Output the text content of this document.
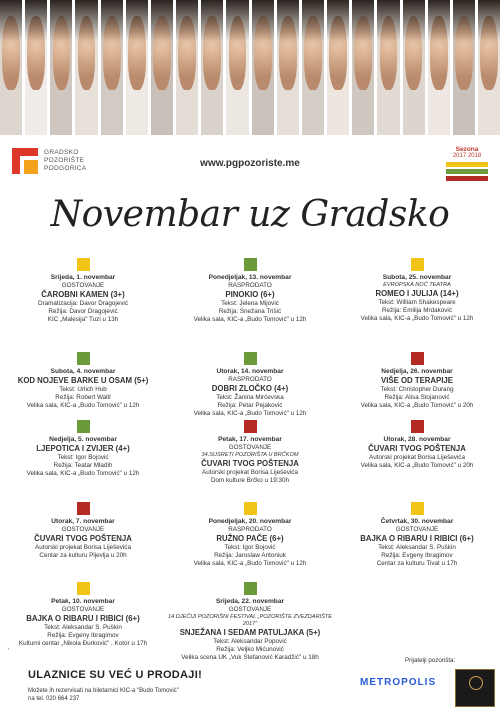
GRADSKO
POZORIŠTE
PODGORICA	www.pgpozoriste.me
Sezona
2017 2018
Novembar uz Gradsko
Srijeda, 1. novembar
GOSTOVANJE
ČAROBNI KAMEN (3+)
Dramatizacija: Davor Dragojević
Režija: Davor Dragojević
KIC „Malesija" Tuzi u 13h
Ponedjeljak, 13. novembar
RASPRODATO
PINOKIO (6+)
Tekst: Jelena Mijović
Režija: Snežana Trišić
Velika sala, KIC-a „Budo Tomović" u 12h
Subota, 25. novembar
EVROPSKA NOĆ TEATRA
ROMEO I JULIJA (14+)
Tekst: William Shakespeare
Režija: Emilija Mrdaković
Velika sala, KIC-a „Budo Tomović" u 12h
Subota, 4. novembar
KOD NOJEVE BARKE U OSAM (5+)
Tekst: Urlich Hub
Režija: Robert Waltl
Velika sala, KIC-a „Budo Tomović" u 12h
Utorak, 14. novembar
RASPRODATO
DOBRI ZLOČKO (4+)
Tekst: Žanina Mirčevska
Režija: Petar Pejaković
Velika sala, KIC-a „Budo Tomović" u 12h
Nedjelja, 26. novembar
VIŠE OD TERAPIJE
Tekst: Christopher Durang
Režija: Alisa Stojanović
Velika sala, KIC-a „Budo Tomović" u 20h
Nedjelja, 5. novembar
LJEPOTICA I ZVIJER (4+)
Tekst: Igor Bojović
Režija: Teatar Mladih
Velika sala, KIC-a „Budo Tomović" u 12h
Petak, 17. novembar
GOSTOVANJE
34.SUSRETI POZORIŠTA U BRČKOM
ČUVARI TVOG POŠTENJA
Autorski projekat Borisa Liješevića
Dom kulture Brčko u 19:30h
Utorak, 28. novembar
ČUVARI TVOG POŠTENJA
Autorski projekat Borisa Liješevića
Velika sala, KIC-a „Budo Tomović" u 20h
Utorak, 7. novembar
GOSTOVANJE
ČUVARI TVOG POŠTENJA
Autorski projekat Borisa Liješevića
Centar za kulturu Pljevlja u 20h
Ponedjeljak, 20. novembar
RASPRODATO
RUŽNO PAČE (6+)
Tekst: Igor Bojović
Režija: Jaroslaw Antoniuk
Velika sala, KIC-a „Budo Tomović" u 12h
Četvrtak, 30. novembar
GOSTOVANJE
BAJKA O RIBARU I RIBICI (6+)
Tekst: Aleksandar S. Puškin
Režija: Evgeny Ibragimov
Centar za kulturu Tivat u 17h
Petak, 10. novembar
GOSTOVANJE
BAJKA O RIBARU I RIBICI (6+)
Tekst: Aleksandar S. Puškin
Režija: Evgeny Ibragimov
Kulturni centar „Nikola Đurković" , Kotor u 17h
Srijeda, 22. novembar
GOSTOVANJE
14.DJEČIJI POZORIŠNI FESTIVAL „POZORIŠTE ZVEZDARIŠTE 2017"
SNJEŽANA I SEDAM PATULJAKA (5+)
Tekst: Aleksandar Popović
Režija: Veljko Mićunović
Velika scena UK „Vuk Stefanović Karadžić" u 18h
•
ULAZNICE SU VEĆ U PRODAJI!
Možete ih rezervisati na biletarnici KIC-a "Budo Tomović"
na tel. 020 664 237
Prijatelji pozorišta:
METROPOLIS
